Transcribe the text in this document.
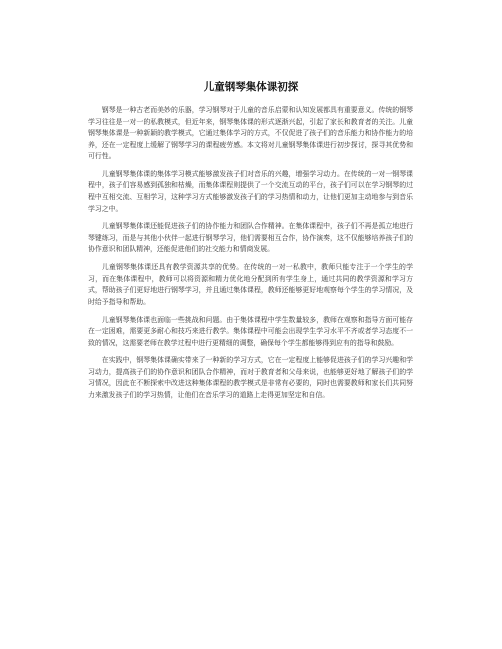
儿童钢琴集体课初探

钢琴是一种古老而美妙的乐器，学习钢琴对于儿童的音乐启蒙和认知发展都具有重要意义。传统的钢琴学习往往是一对一的私教模式，但近年来，钢琴集体课的形式逐渐兴起，引起了家长和教育者的关注。儿童钢琴集体课是一种新颖的教学模式，它通过集体学习的方式，不仅促进了孩子们的音乐能力和协作能力的培养，还在一定程度上缓解了钢琴学习的课程疲劳感。本文将对儿童钢琴集体课进行初步探讨，探寻其优势和可行性。

儿童钢琴集体课的集体学习模式能够激发孩子们对音乐的兴趣，增强学习动力。在传统的一对一钢琴课程中，孩子们容易感到孤独和枯燥，而集体课程则提供了一个交流互动的平台，孩子们可以在学习钢琴的过程中互相交流、互相学习，这种学习方式能够激发孩子们的学习热情和动力，让他们更加主动地参与到音乐学习之中。

儿童钢琴集体课还能促进孩子们的协作能力和团队合作精神。在集体课程中，孩子们不再是孤立地进行琴键练习，而是与其他小伙伴一起进行钢琴学习，他们需要相互合作，协作演奏，这不仅能够培养孩子们的协作意识和团队精神，还能促进他们的社交能力和情商发展。

儿童钢琴集体课还具有教学资源共享的优势。在传统的一对一私教中，教师只能专注于一个学生的学习，而在集体课程中，教师可以将资源和精力优化地分配到所有学生身上，通过共同的教学资源和学习方式，帮助孩子们更好地进行钢琴学习，并且通过集体课程，教师还能够更好地观察每个学生的学习情况，及时给予指导和帮助。

儿童钢琴集体课也面临一些挑战和问题。由于集体课程中学生数量较多，教师在观察和指导方面可能存在一定困难，需要更多耐心和技巧来进行教学。集体课程中可能会出现学生学习水平不齐或者学习态度不一致的情况，这需要老师在教学过程中进行更精细的调整，确保每个学生都能够得到应有的指导和鼓励。

在实践中，钢琴集体课确实带来了一种新的学习方式，它在一定程度上能够促进孩子们的学习兴趣和学习动力，提高孩子们的协作意识和团队合作精神，而对于教育者和父母来说，也能够更好地了解孩子们的学习情况，因此在不断探索中改进这种集体课程的教学模式是非常有必要的，同时也需要教师和家长们共同努力来激发孩子们的学习热情，让他们在音乐学习的道路上走得更加坚定和自信。
